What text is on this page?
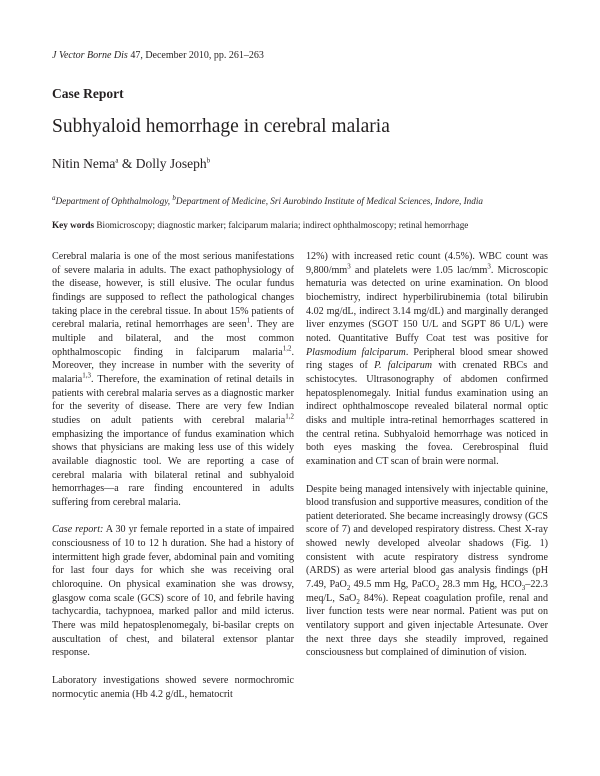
J Vector Borne Dis 47, December 2010, pp. 261–263
Case Report
Subhyaloid hemorrhage in cerebral malaria
Nitin Nema$^a$ & Dolly Joseph$^b$
$^a$Department of Ophthalmology, $^b$Department of Medicine, Sri Aurobindo Institute of Medical Sciences, Indore, India
Key words Biomicroscopy; diagnostic marker; falciparum malaria; indirect ophthalmoscopy; retinal hemorrhage

Cerebral malaria is one of the most serious manifestations of severe malaria in adults. The exact pathophysiology of the disease, however, is still elusive. The ocular fundus findings are supposed to reflect the pathological changes taking place in the cerebral tissue. In about 15% patients of cerebral malaria, retinal hemorrhages are seen$^1$. They are multiple and bilateral, and the most common ophthalmoscopic finding in falciparum malaria$^{1,2}$. Moreover, they increase in number with the severity of malaria$^{1,3}$. Therefore, the examination of retinal details in patients with cerebral malaria serves as a diagnostic marker for the severity of disease. There are very few Indian studies on adult patients with cerebral malaria$^{1,2}$ emphasizing the importance of fundus examination which shows that physicians are making less use of this widely available diagnostic tool. We are reporting a case of cerebral malaria with bilateral retinal and subhyaloid hemorrhages—a rare finding encountered in adults suffering from cerebral malaria.

Case report: A 30 yr female reported in a state of impaired consciousness of 10 to 12 h duration. She had a history of intermittent high grade fever, abdominal pain and vomiting for last four days for which she was receiving oral chloroquine. On physical examination she was drowsy, glasgow coma scale (GCS) score of 10, and febrile having tachycardia, tachypnoea, marked pallor and mild icterus. There was mild hepatosplenomegaly, bi-basilar crepts on auscultation of chest, and bilateral extensor plantar response.

Laboratory investigations showed severe normochromic normocytic anemia (Hb 4.2 g/dL, hematocrit

12%) with increased retic count (4.5%). WBC count was $9,800/mm^3$ and platelets were 1.05 lac/$mm^3$. Microscopic hematuria was detected on urine examination. On blood biochemistry, indirect hyperbilirubinemia (total bilirubin 4.02 mg/dL, indirect 3.14 mg/dL) and marginally deranged liver enzymes (SGOT 150 U/L and SGPT 86 U/L) were noted. Quantitative Buffy Coat test was positive for Plasmodium falciparum. Peripheral blood smear showed ring stages of P. falciparum with crenated RBCs and schistocytes. Ultrasonography of abdomen confirmed hepatosplenomegaly. Initial fundus examination using an indirect ophthalmoscope revealed bilateral normal optic disks and multiple intra-retinal hemorrhages scattered in the central retina. Subhyaloid hemorrhage was noticed in both eyes masking the fovea. Cerebrospinal fluid examination and CT scan of brain were normal.

Despite being managed intensively with injectable quinine, blood transfusion and supportive measures, condition of the patient deteriorated. She became increasingly drowsy (GCS score of 7) and developed respiratory distress. Chest X-ray showed newly developed alveolar shadows (Fig. 1) consistent with acute respiratory distress syndrome (ARDS) as were arterial blood gas analysis findings (pH 7.49, PaO$_2$ 49.5 mm Hg, PaCO$_2$ 28.3 mm Hg, $HCO_3-22.3$ meq/L, SaO$_2$ 84%). Repeat coagulation profile, renal and liver function tests were near normal. Patient was put on ventilatory support and given injectable Artesunate. Over the next three days she steadily improved, regained consciousness but complained of diminution of vision.
